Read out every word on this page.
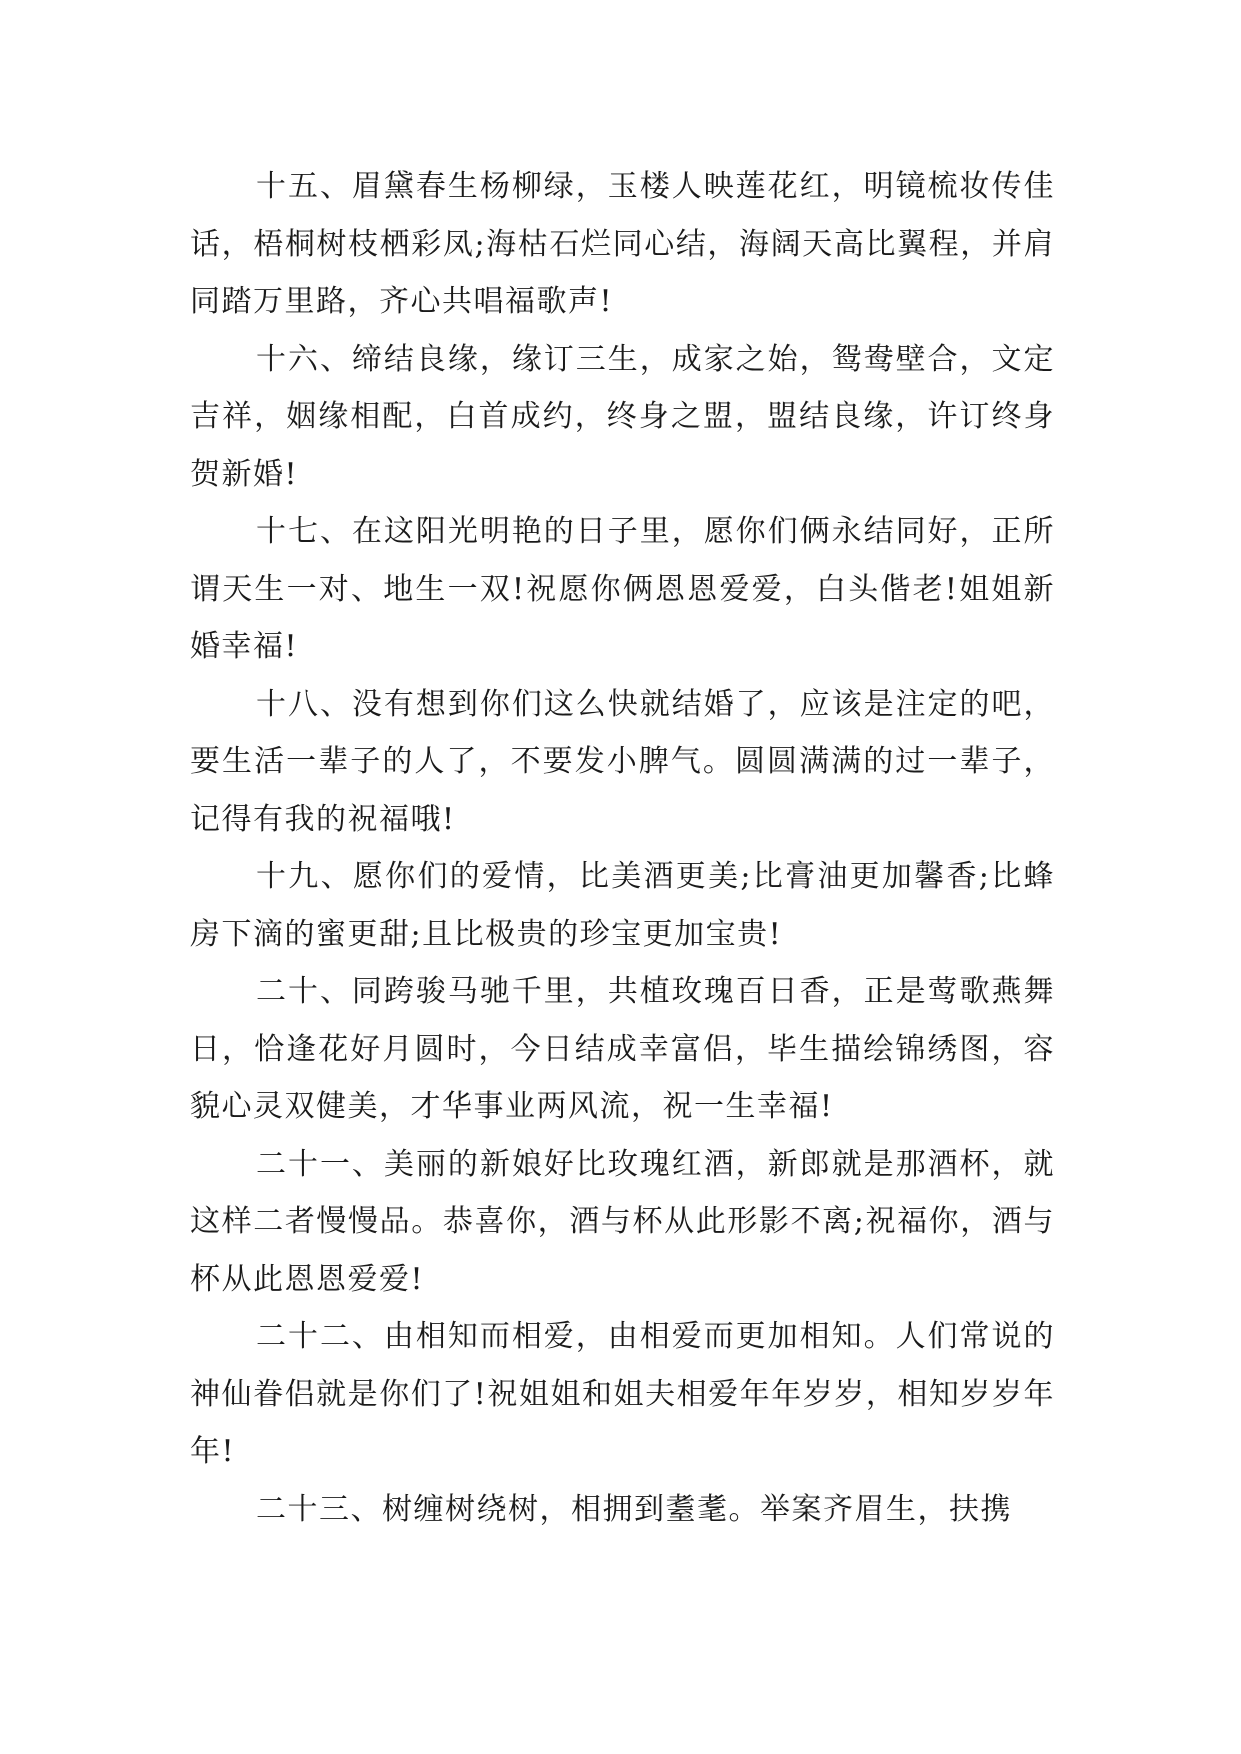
十五、眉黛春生杨柳绿，玉楼人映莲花红，明镜梳妆传佳话，梧桐树枝栖彩凤;海枯石烂同心结，海阔天高比翼程，并肩同踏万里路，齐心共唱福歌声!

十六、缔结良缘，缘订三生，成家之始，鸳鸯壁合，文定吉祥，姻缘相配，白首成约，终身之盟，盟结良缘，许订终身贺新婚!

十七、在这阳光明艳的日子里，愿你们俩永结同好，正所谓天生一对、地生一双!祝愿你俩恩恩爱爱，白头偕老!姐姐新婚幸福!

十八、没有想到你们这么快就结婚了，应该是注定的吧，要生活一辈子的人了，不要发小脾气。圆圆满满的过一辈子，记得有我的祝福哦!

十九、愿你们的爱情，比美酒更美;比膏油更加馨香;比蜂房下滴的蜜更甜;且比极贵的珍宝更加宝贵!

二十、同跨骏马驰千里，共植玫瑰百日香，正是莺歌燕舞日，恰逢花好月圆时，今日结成幸富侣，毕生描绘锦绣图，容貌心灵双健美，才华事业两风流，祝一生幸福!

二十一、美丽的新娘好比玫瑰红酒，新郎就是那酒杯，就这样二者慢慢品。恭喜你，酒与杯从此形影不离;祝福你，酒与杯从此恩恩爱爱!

二十二、由相知而相爱，由相爱而更加相知。人们常说的神仙眷侣就是你们了!祝姐姐和姐夫相爱年年岁岁，相知岁岁年年!

二十三、树缠树绕树，相拥到耋耄。举案齐眉生，扶携
